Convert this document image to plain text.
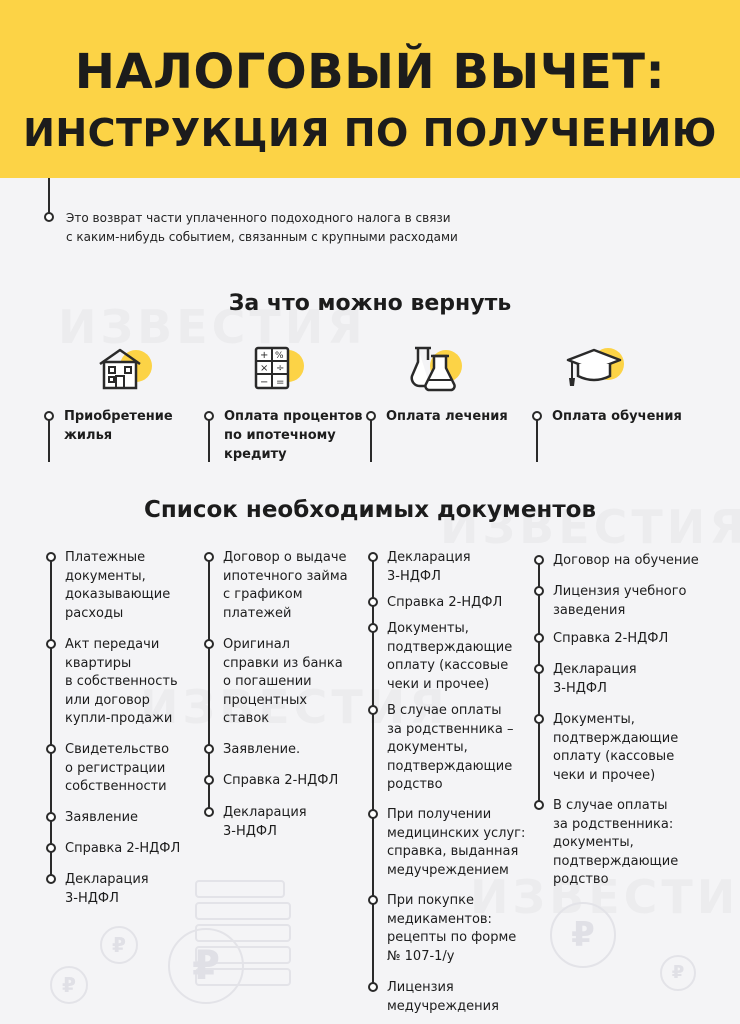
НАЛОГОВЫЙ ВЫЧЕТ:
ИНСТРУКЦИЯ ПО ПОЛУЧЕНИЮ
₽
₽
₽
₽
₽
Это возврат части уплаченного подоходного налога в связи
с каким-нибудь событием, связанным с крупными расходами
За что можно вернуть
+ %
× ÷
− =
Приобретение
жилья
Оплата процентов
по ипотечному
кредиту
Оплата лечения	Оплата обучения
Список необходимых документов
Платежные
документы,
доказывающие
расходы
Акт передачи
квартиры
в собственность
или договор
купли-продажи
Свидетельство
о регистрации
собственности
Заявление
Справка 2-НДФЛ
Декларация
3-НДФЛ
Договор о выдаче
ипотечного займа
с графиком
платежей
Оригинал
справки из банка
о погашении
процентных
ставок
Заявление.
Справка 2-НДФЛ
Декларация
3-НДФЛ
Декларация
3-НДФЛ
Справка 2-НДФЛ
Документы,
подтверждающие
оплату (кассовые
чеки и прочее)
В случае оплаты
за родственника –
документы,
подтверждающие
родство
При получении
медицинских услуг:
справка, выданная
медучреждением
При покупке
медикаментов:
рецепты по форме
№ 107-1/у
Лицензия
медучреждения
Договор на обучение
Лицензия учебного
заведения
Справка 2-НДФЛ
Декларация
3-НДФЛ
Документы,
подтверждающие
оплату (кассовые
чеки и прочее)
В случае оплаты
за родственника:
документы,
подтверждающие
родство
